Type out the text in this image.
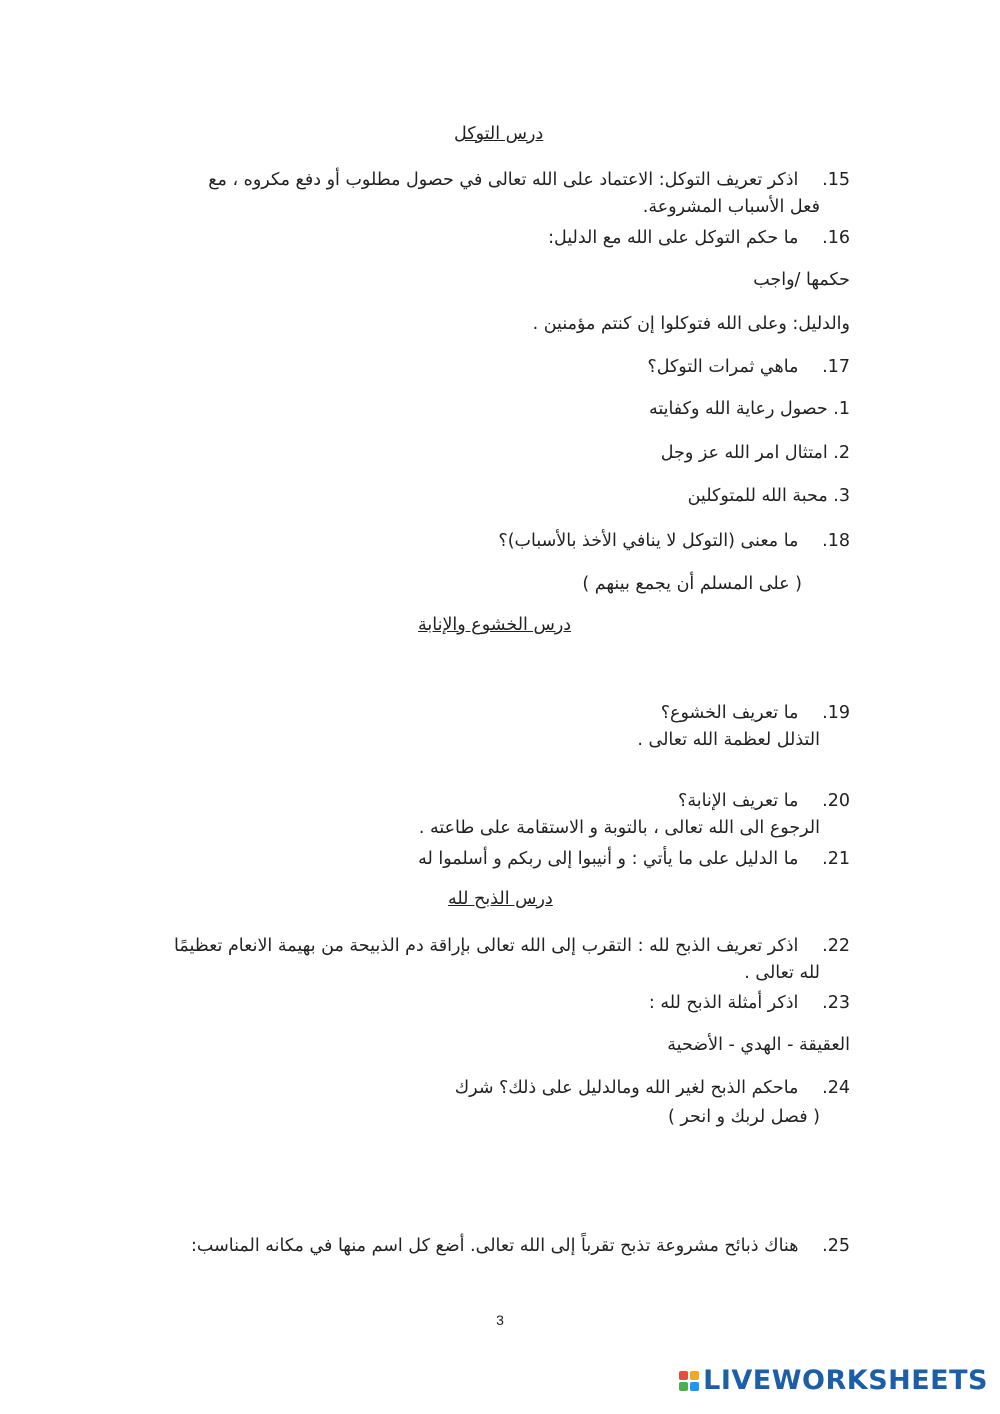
درس التوكل
15. اذكر تعريف التوكل: الاعتماد على الله تعالى في حصول مطلوب أو دفع مكروه ، مع
فعل الأسباب المشروعة.
16. ما حكم التوكل على الله مع الدليل:
حكمها /واجب
والدليل: وعلى الله فتوكلوا إن كنتم مؤمنين .
17. ماهي ثمرات التوكل؟
1. حصول رعاية الله وكفايته
2. امتثال امر الله عز وجل
3. محبة الله للمتوكلين
18. ما معنى (التوكل لا ينافي الأخذ بالأسباب)؟
( على المسلم أن يجمع بينهم )
درس الخشوع والإنابة
19. ما تعريف الخشوع؟
التذلل لعظمة الله تعالى .
20. ما تعريف الإنابة؟
الرجوع الى الله تعالى ، بالتوبة و الاستقامة على طاعته .
21. ما الدليل على ما يأتي : و أنيبوا إلى ربكم و أسلموا له
درس الذبح لله
22. اذكر تعريف الذبح لله : التقرب إلى الله تعالى بإراقة دم الذبيحة من بهيمة الانعام تعظيمًا
لله تعالى .
23. اذكر أمثلة الذبح لله :
العقيقة - الهدي - الأضحية
24. ماحكم الذبح لغير الله ومالدليل على ذلك؟ شرك
( فصل لربك و انحر )
25. هناك ذبائح مشروعة تذبح تقرباً إلى الله تعالى. أضع كل اسم منها في مكانه المناسب:
3
LIVEWORKSHEETS
